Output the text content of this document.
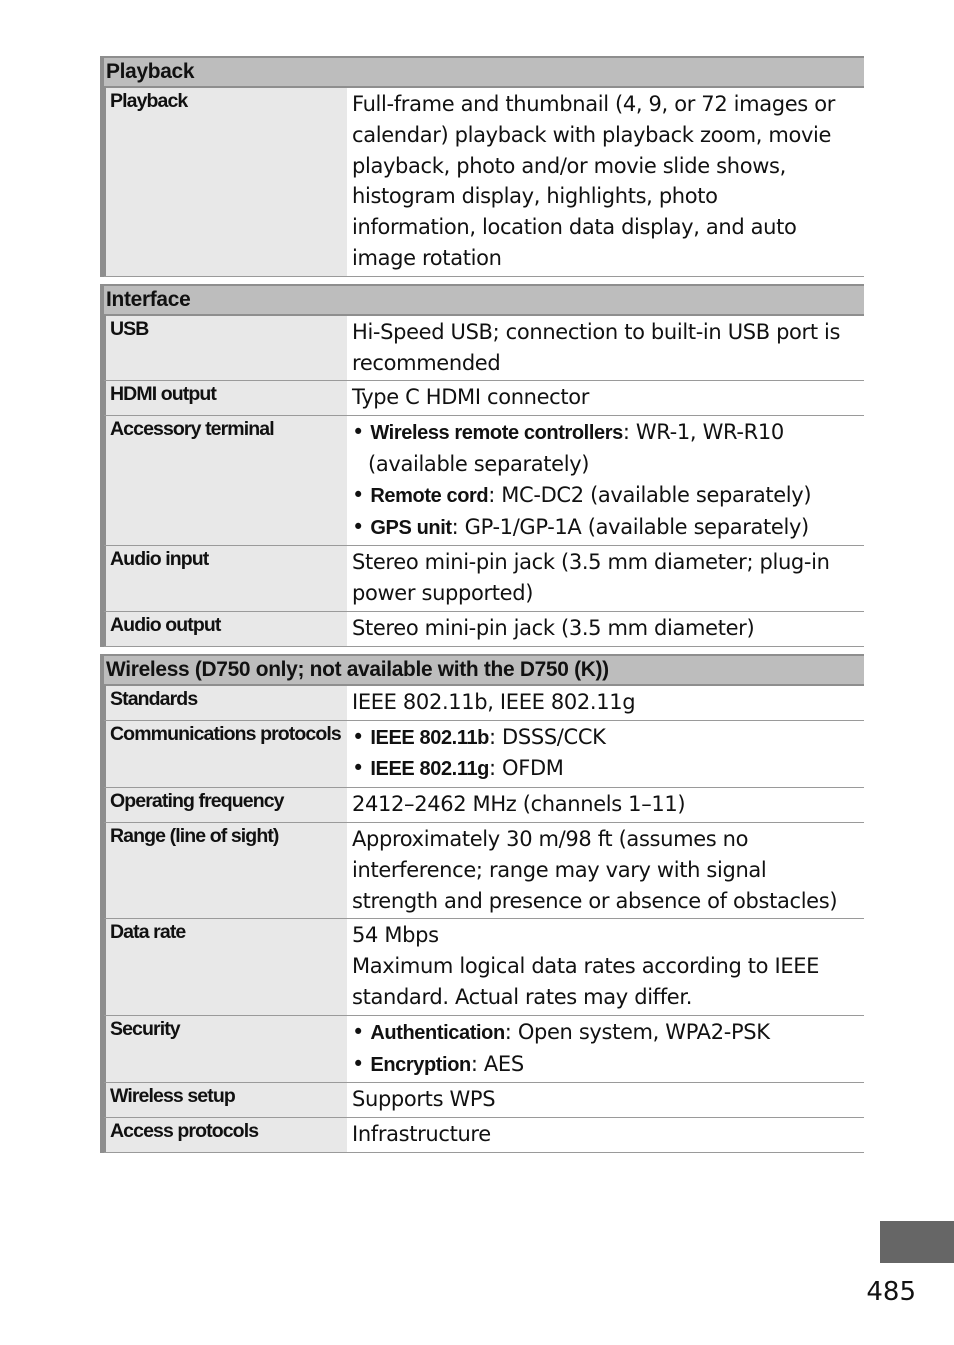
Playback
Playback	Full-frame and thumbnail (4, 9, or 72 images or
calendar) playback with playback zoom, movie
playback, photo and/or movie slide shows,
histogram display, highlights, photo
information, location data display, and auto
image rotation
Interface
USB	Hi-Speed USB; connection to built-in USB port is
recommended
HDMI output	Type C HDMI connector
Accessory terminal	• Wireless remote controllers: WR-1, WR-R10 (available separately)
• Remote cord: MC-DC2 (available separately)
• GPS unit: GP-1/GP-1A (available separately)
Audio input	Stereo mini-pin jack (3.5 mm diameter; plug-in
power supported)
Audio output	Stereo mini-pin jack (3.5 mm diameter)
Wireless (D750 only; not available with the D750 (K))
Standards	IEEE 802.11b, IEEE 802.11g
Communications protocols • IEEE 802.11b: DSSS/CCK
• IEEE 802.11g: OFDM
Operating frequency	2412–2462 MHz (channels 1–11)
Range (line of sight)	Approximately 30 m/98 ft (assumes no
interference; range may vary with signal
strength and presence or absence of obstacles)
Data rate	54 Mbps
Maximum logical data rates according to IEEE
standard. Actual rates may differ.
Security	• Authentication: Open system, WPA2-PSK
• Encryption: AES
Wireless setup	Supports WPS
Access protocols	Infrastructure
485
